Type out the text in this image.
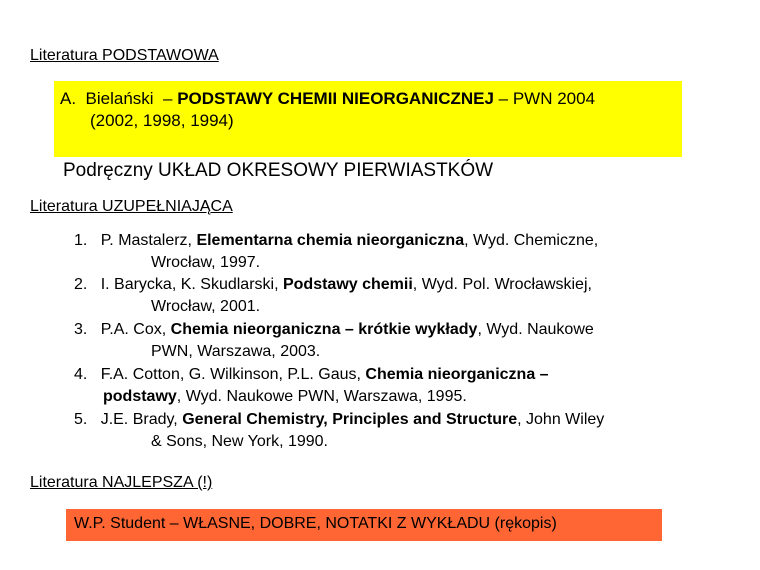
Literatura PODSTAWOWA
A. Bielański  – PODSTAWY CHEMII NIEORGANICZNEJ – PWN 2004
(2002, 1998, 1994)
Podręczny UKŁAD OKRESOWY PIERWIASTKÓW
Literatura UZUPEŁNIAJĄCA
1. P. Mastalerz, Elementarna chemia nieorganiczna, Wyd. Chemiczne,
Wrocław, 1997.
2. I. Barycka, K. Skudlarski, Podstawy chemii, Wyd. Pol. Wrocławskiej,
Wrocław, 2001.
3. P.A. Cox, Chemia nieorganiczna – krótkie wykłady, Wyd. Naukowe
PWN, Warszawa, 2003.
4. F.A. Cotton, G. Wilkinson, P.L. Gaus, Chemia nieorganiczna –
podstawy, Wyd. Naukowe PWN, Warszawa, 1995.
5. J.E. Brady, General Chemistry, Principles and Structure, John Wiley
& Sons, New York, 1990.
Literatura NAJLEPSZA (!)
W.P. Student – WŁASNE, DOBRE, NOTATKI Z WYKŁADU (rękopis)
